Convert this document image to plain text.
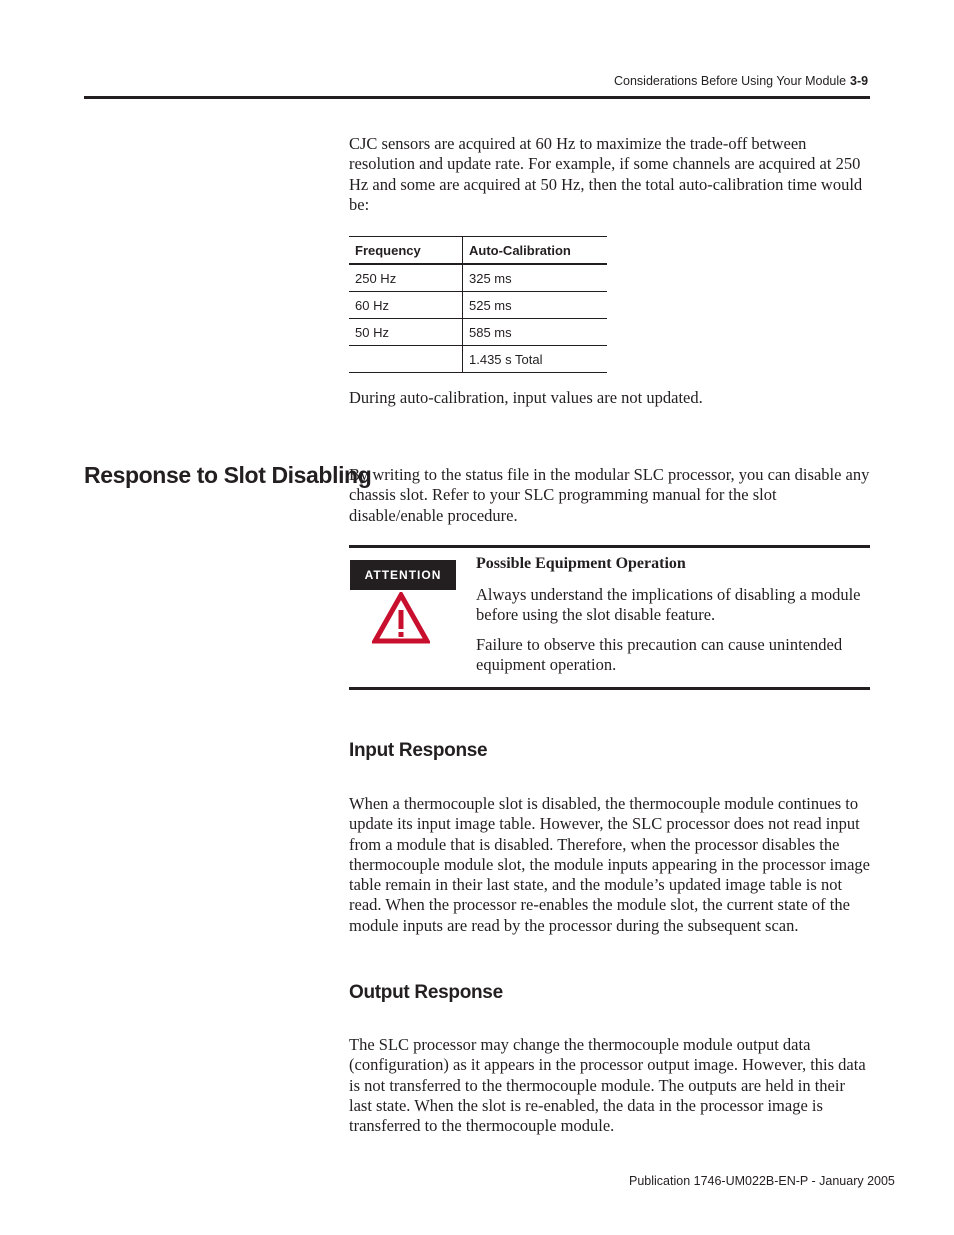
Considerations Before Using Your Module 3-9

CJC sensors are acquired at 60 Hz to maximize the trade-off between resolution and update rate. For example, if some channels are acquired at 250 Hz and some are acquired at 50 Hz, then the total auto-calibration time would be:

Frequency	Auto-Calibration
250 Hz	325 ms
60 Hz	525 ms
50 Hz	585 ms
	1.435 s Total

During auto-calibration, input values are not updated.

Response to Slot Disabling

By writing to the status file in the modular SLC processor, you can disable any chassis slot. Refer to your SLC programming manual for the slot disable/enable procedure.

ATTENTION
Possible Equipment Operation

Always understand the implications of disabling a module before using the slot disable feature.

Failure to observe this precaution can cause unintended equipment operation.

Input Response

When a thermocouple slot is disabled, the thermocouple module continues to update its input image table. However, the SLC processor does not read input from a module that is disabled. Therefore, when the processor disables the thermocouple module slot, the module inputs appearing in the processor image table remain in their last state, and the module’s updated image table is not read. When the processor re-enables the module slot, the current state of the module inputs are read by the processor during the subsequent scan.

Output Response

The SLC processor may change the thermocouple module output data (configuration) as it appears in the processor output image. However, this data is not transferred to the thermocouple module. The outputs are held in their last state. When the slot is re-enabled, the data in the processor image is transferred to the thermocouple module.

Publication 1746-UM022B-EN-P - January 2005
